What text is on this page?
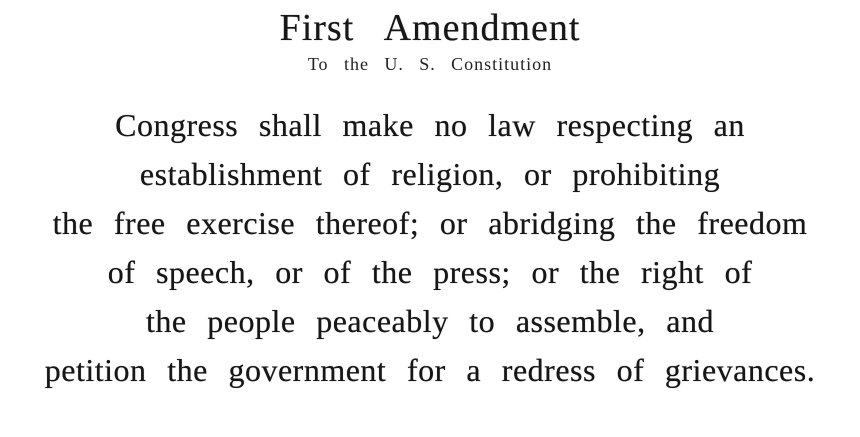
First Amendment
To the U. S. Constitution

Congress shall make no law respecting an

establishment of religion, or prohibiting

the free exercise thereof; or abridging the freedom

of speech, or of the press; or the right of

the people peaceably to assemble, and

petition the government for a redress of grievances.
